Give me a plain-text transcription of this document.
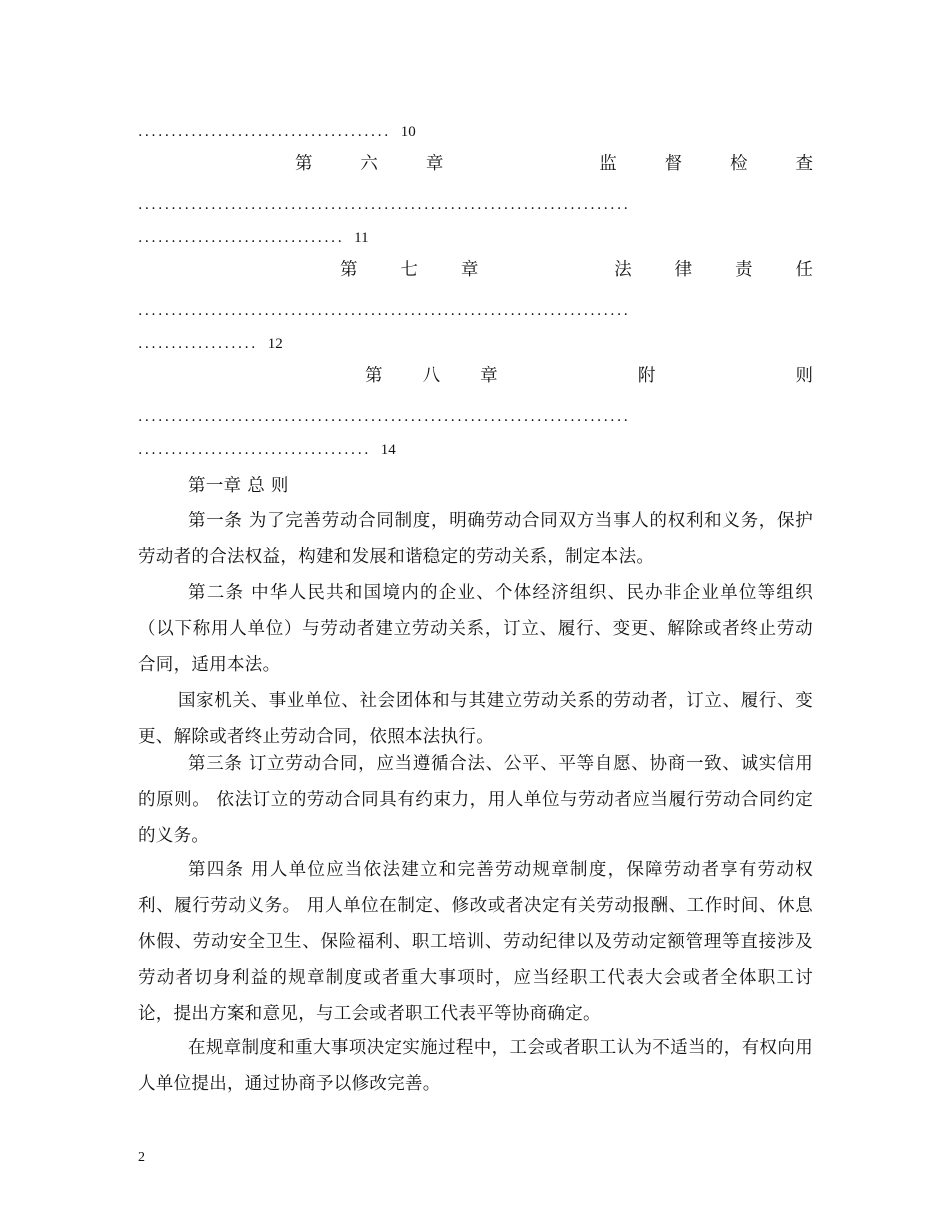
...................................... 10
第	六	章	监	督	检	查
..........................................................................
............................... 11
第 七 章	法 律 责 任
..........................................................................
.................. 12
第 八 章	附	则
..........................................................................
................................... 14
第一章 总 则
第一条 为了完善劳动合同制度，明确劳动合同双方当事人的权利和义务，保护劳动者的合法权益，构建和发展和谐稳定的劳动关系，制定本法。
第二条 中华人民共和国境内的企业、个体经济组织、民办非企业单位等组织（以下称用人单位）与劳动者建立劳动关系，订立、履行、变更、解除或者终止劳动合同，适用本法。
国家机关、事业单位、社会团体和与其建立劳动关系的劳动者，订立、履行、变更、解除或者终止劳动合同，依照本法执行。
第三条 订立劳动合同，应当遵循合法、公平、平等自愿、协商一致、诚实信用的原则。 依法订立的劳动合同具有约束力，用人单位与劳动者应当履行劳动合同约定的义务。
第四条 用人单位应当依法建立和完善劳动规章制度，保障劳动者享有劳动权利、履行劳动义务。 用人单位在制定、修改或者决定有关劳动报酬、工作时间、休息休假、劳动安全卫生、保险福利、职工培训、劳动纪律以及劳动定额管理等直接涉及劳动者切身利益的规章制度或者重大事项时，应当经职工代表大会或者全体职工讨论，提出方案和意见，与工会或者职工代表平等协商确定。
在规章制度和重大事项决定实施过程中，工会或者职工认为不适当的，有权向用人单位提出，通过协商予以修改完善。
2
